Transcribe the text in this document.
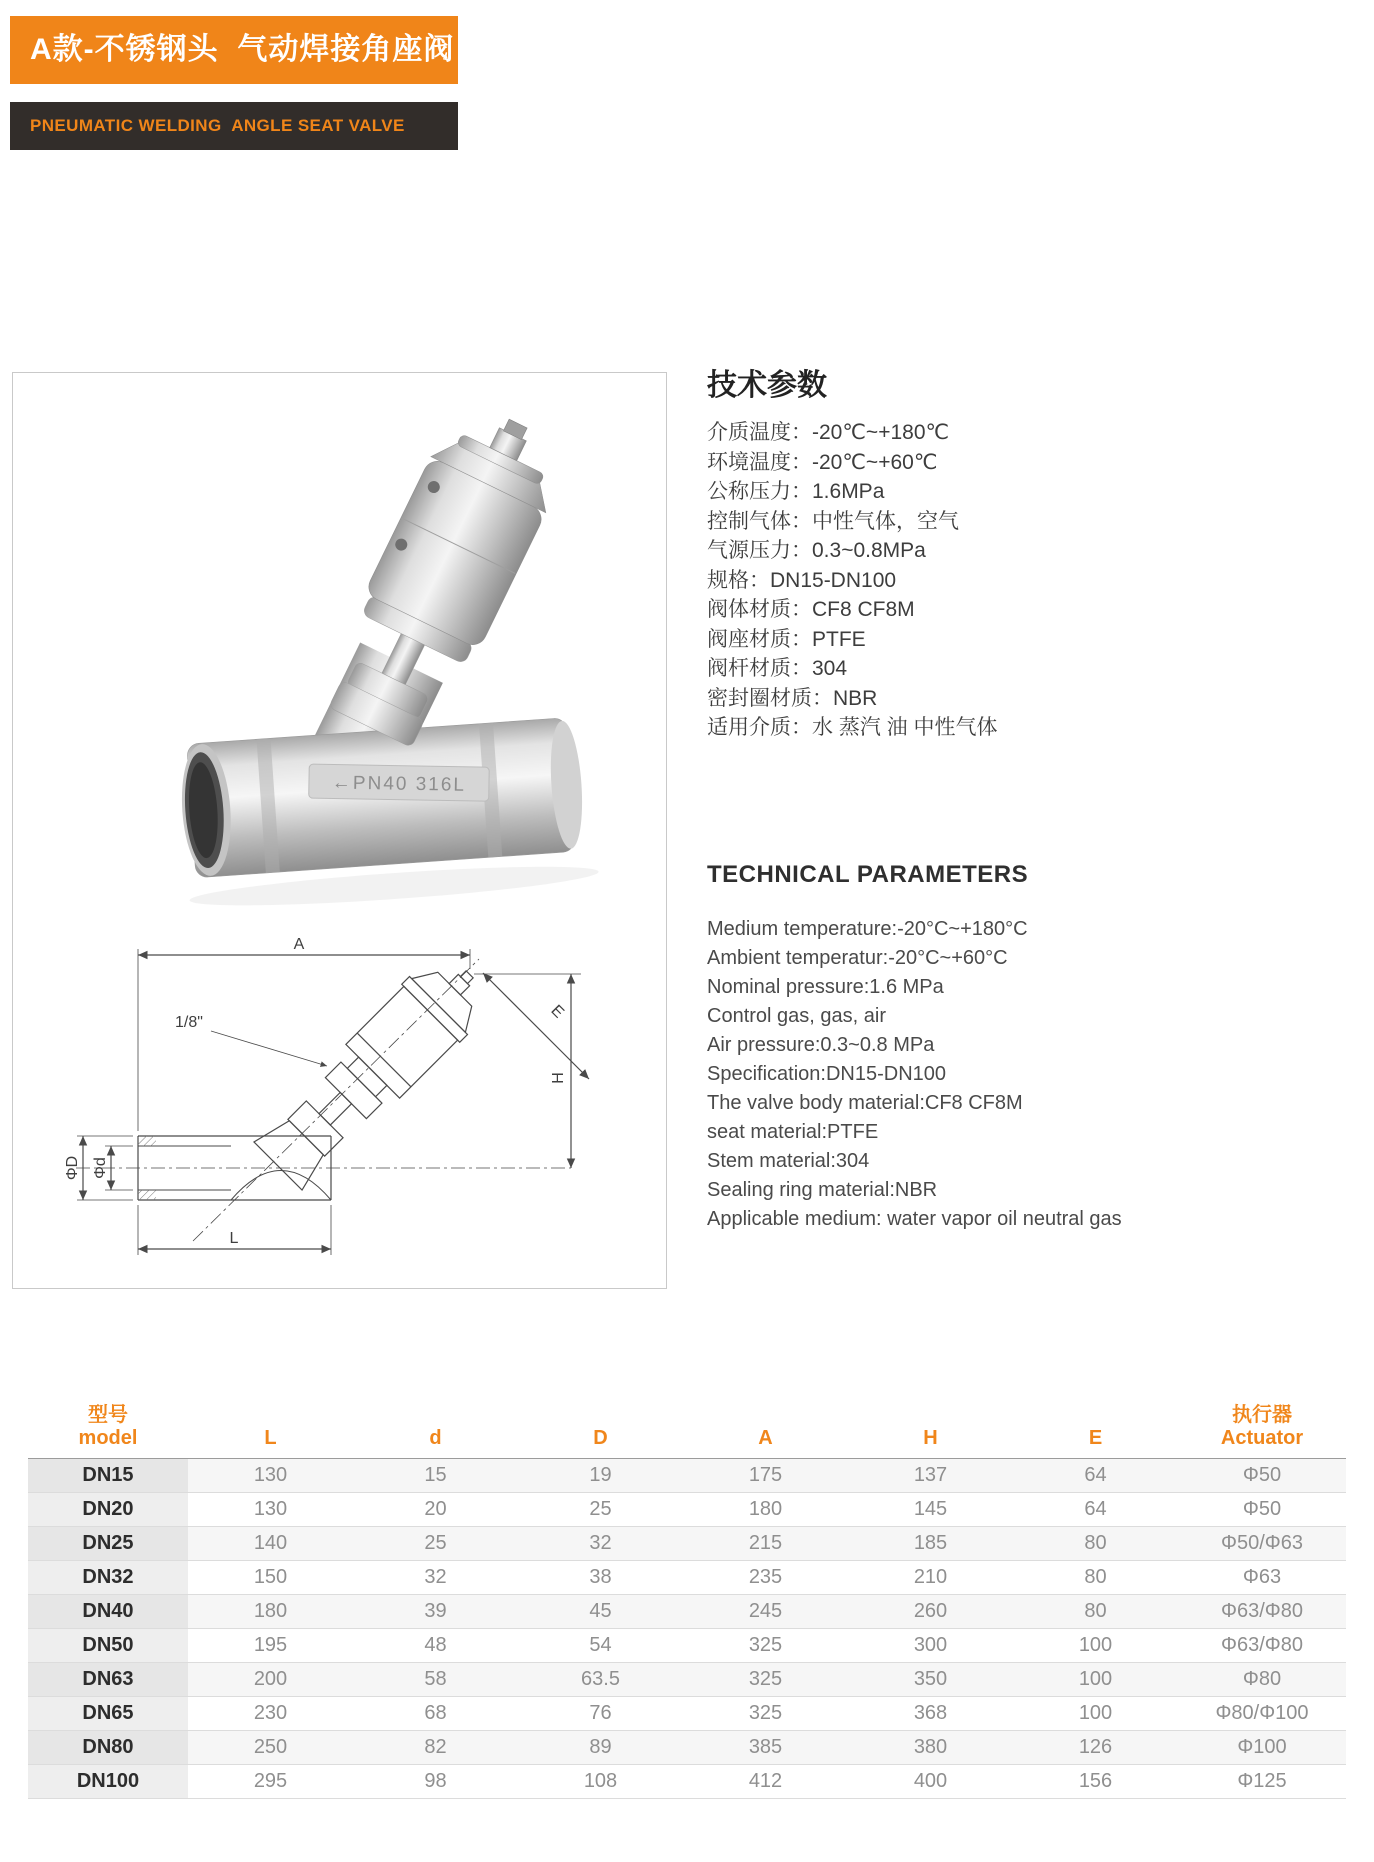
A款-不锈钢头  气动焊接角座阀
PNEUMATIC WELDING  ANGLE SEAT VALVE
←PN40 316L
A
E
H
L
ΦD Φd
1/8"
技术参数
介质温度：-20℃~+180℃
环境温度：-20℃~+60℃
公称压力：1.6MPa
控制气体：中性气体，空气
气源压力：0.3~0.8MPa
规格：DN15-DN100
阀体材质：CF8 CF8M
阀座材质：PTFE
阀杆材质：304
密封圈材质：NBR
适用介质：水 蒸汽 油 中性气体
TECHNICAL PARAMETERS
Medium temperature:-20°C~+180°C
Ambient temperatur:-20°C~+60°C
Nominal pressure:1.6 MPa
Control gas, gas, air
Air pressure:0.3~0.8 MPa
Specification:DN15-DN100
The valve body material:CF8 CF8M
seat material:PTFE
Stem material:304
Sealing ring material:NBR
Applicable medium: water vapor oil neutral gas
型号
model	L	d	D	A	H	E	
执行器
Actuator

DN15	130	15	19	175	137	64	Φ50
DN20	130	20	25	180	145	64	Φ50
DN25	140	25	32	215	185	80	Φ50/Φ63
DN32	150	32	38	235	210	80	Φ63
DN40	180	39	45	245	260	80	Φ63/Φ80
DN50	195	48	54	325	300	100	Φ63/Φ80
DN63	200	58	63.5	325	350	100	Φ80
DN65	230	68	76	325	368	100	Φ80/Φ100
DN80	250	82	89	385	380	126	Φ100
DN100	295	98	108	412	400	156	Φ125
